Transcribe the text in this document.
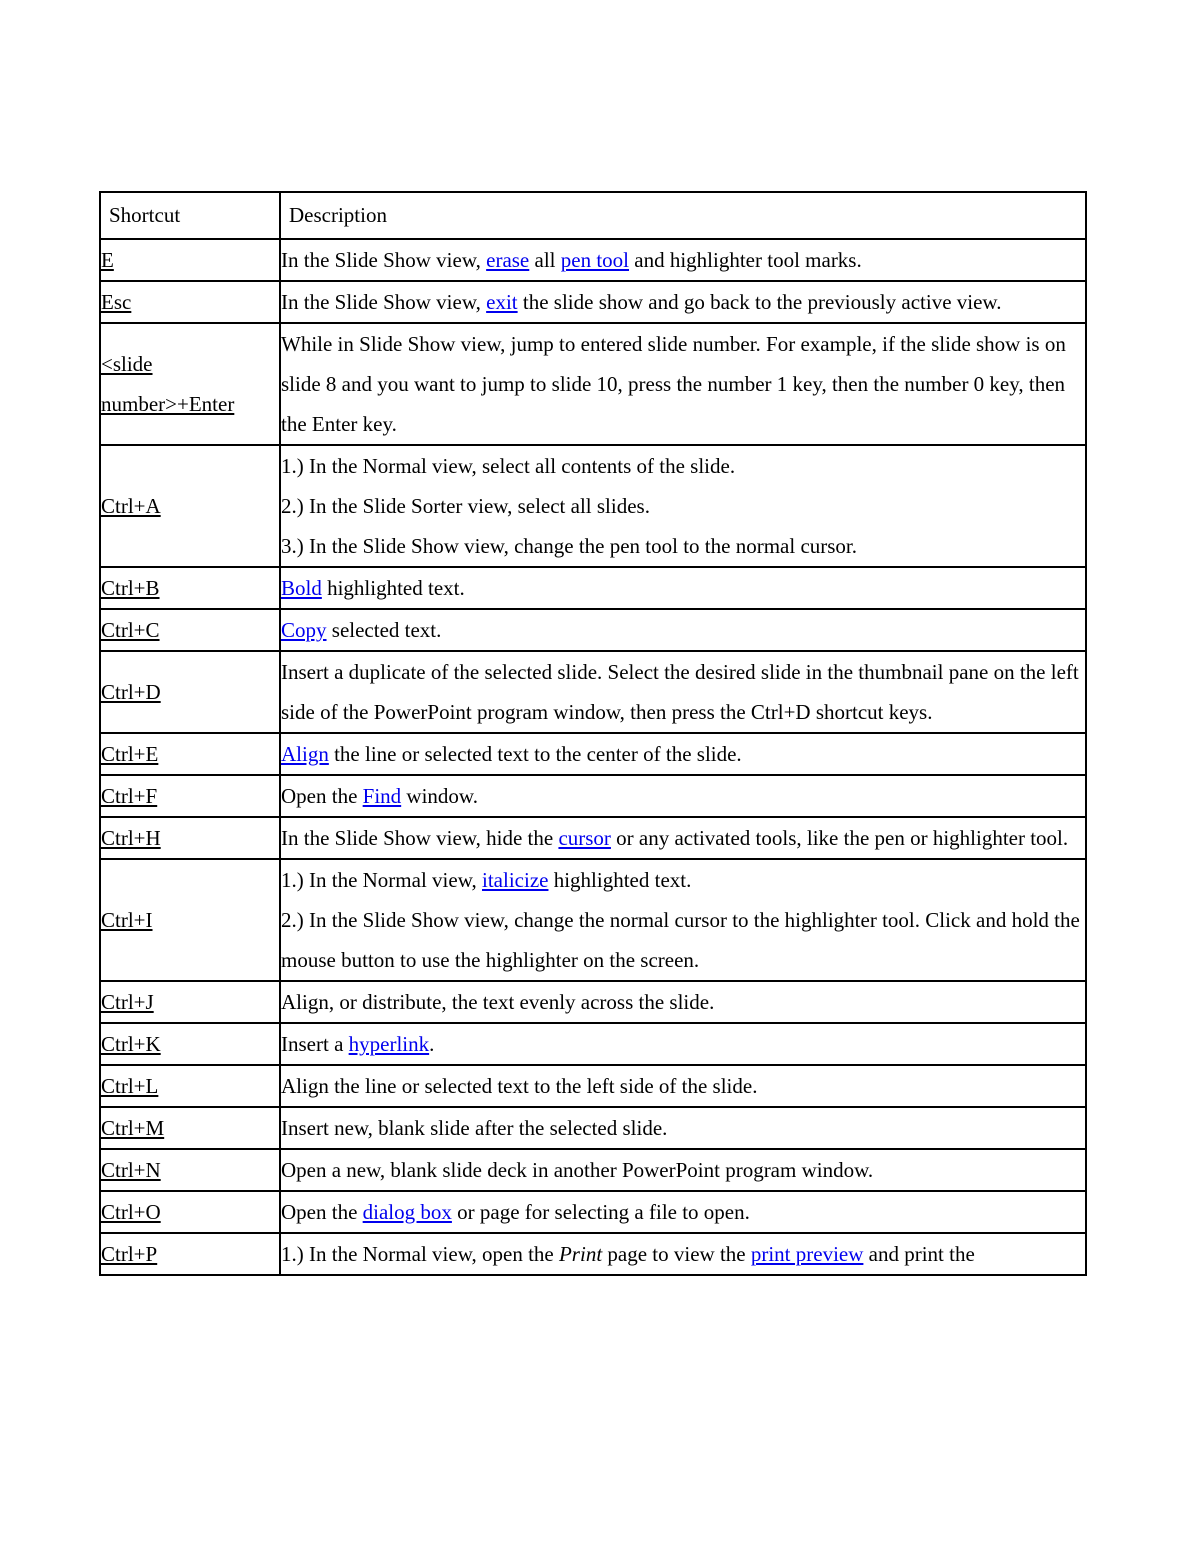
Shortcut	Description
E	In the Slide Show view, erase all pen tool and highlighter tool marks.

Esc	In the Slide Show view, exit the slide show and go back to the previously active view.

<slide number>+Enter	While in Slide Show view, jump to entered slide number. For example, if the slide show is on slide 8 and you want to jump to slide 10, press the number 1 key, then the number 0 key, then the Enter key.

Ctrl+A	1.) In the Normal view, select all contents of the slide.
2.) In the Slide Sorter view, select all slides.
3.) In the Slide Show view, change the pen tool to the normal cursor.

Ctrl+B	Bold highlighted text.

Ctrl+C	Copy selected text.

Ctrl+D	Insert a duplicate of the selected slide. Select the desired slide in the thumbnail pane on the left side of the PowerPoint program window, then press the Ctrl+D shortcut keys.

Ctrl+E	Align the line or selected text to the center of the slide.

Ctrl+F	Open the Find window.

Ctrl+H	In the Slide Show view, hide the cursor or any activated tools, like the pen or highlighter tool.

Ctrl+I	1.) In the Normal view, italicize highlighted text.
2.) In the Slide Show view, change the normal cursor to the highlighter tool. Click and hold the mouse button to use the highlighter on the screen.

Ctrl+J	Align, or distribute, the text evenly across the slide.

Ctrl+K	Insert a hyperlink.

Ctrl+L	Align the line or selected text to the left side of the slide.

Ctrl+M	Insert new, blank slide after the selected slide.

Ctrl+N	Open a new, blank slide deck in another PowerPoint program window.

Ctrl+O	Open the dialog box or page for selecting a file to open.

Ctrl+P	1.) In the Normal view, open the Print page to view the print preview and print the
